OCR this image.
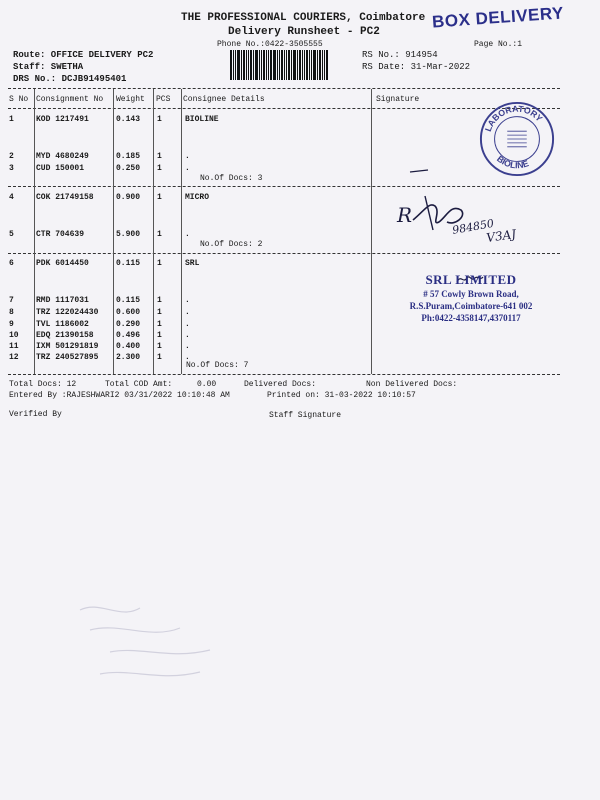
THE PROFESSIONAL COURIERS, Coimbatore BOX DELIVERY
Delivery Runsheet - PC2
Phone No.:0422-3505555	Page No.:1
Route: OFFICE DELIVERY PC2
Staff: SWETHA
DRS No.: DCJB91495401
RS No.: 914954
RS Date: 31-Mar-2022
S No Consignment No Weight PCS Consignee Details	Signature
1	KOD 1217491	0.143 1	BIOLINE
2	MYD 4680249	0.185 1	.
3	CUD 150001	0.250 1	.
4	COK 21749158	0.900 1	MICRO
5	CTR 704639	5.900 1	.
6	PDK 6014450	0.115 1	SRL
7	RMD 1117031	0.115 1	.
8	TRZ 122024430 0.600 1	.
9	TVL 1186002	0.290 1	.
10 EDQ 21390158	0.496 1	.
11 IXM 501291819 0.400 1	.
12 TRZ 240527895 2.300 1	.
No.Of Docs: 3
No.Of Docs: 2
No.Of Docs: 7
LABORATORY
BIOLINE
R	984850
V3AJ
SRL LIMITED
# 57 Cowly Brown Road,
R.S.Puram,Coimbatore-641 002
Ph:0422-4358147,4370117
Total Docs: 12	Total COD Amt:	0.00	Delivered Docs:	Non Delivered Docs:
Entered By :RAJESHWARI2 03/31/2022 10:10:48 AM	Printed on: 31-03-2022 10:10:57
Verified By	Staff Signature
